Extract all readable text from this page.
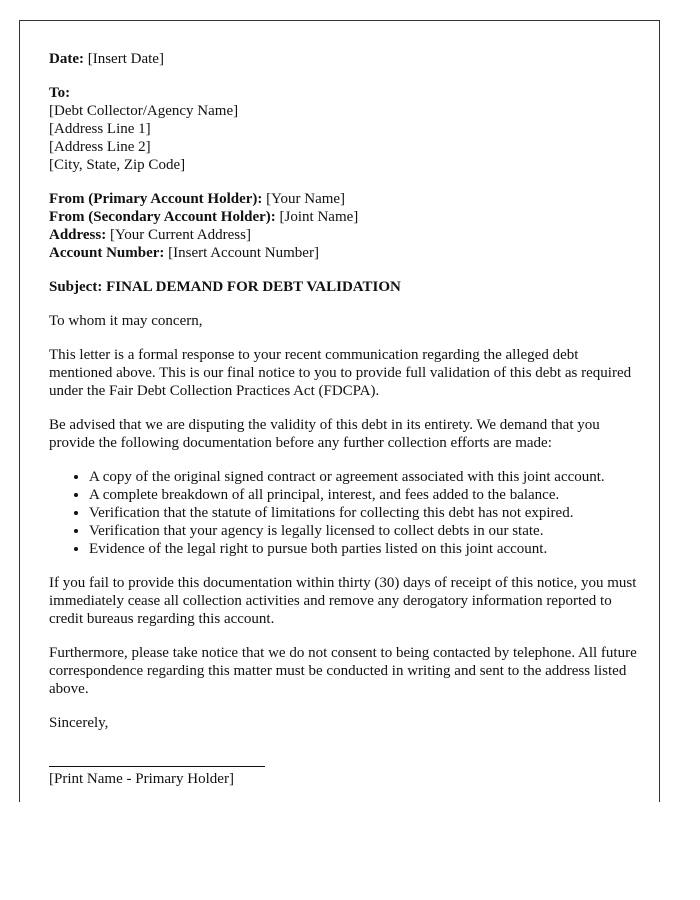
Date: [Insert Date]

To:
[Debt Collector/Agency Name]
[Address Line 1]
[Address Line 2]
[City, State, Zip Code]

From (Primary Account Holder): [Your Name]
From (Secondary Account Holder): [Joint Name]
Address: [Your Current Address]
Account Number: [Insert Account Number]

Subject: FINAL DEMAND FOR DEBT VALIDATION

To whom it may concern,

This letter is a formal response to your recent communication regarding the alleged debt mentioned above. This is our final notice to you to provide full validation of this debt as required under the Fair Debt Collection Practices Act (FDCPA).

Be advised that we are disputing the validity of this debt in its entirety. We demand that you provide the following documentation before any further collection efforts are made:

• A copy of the original signed contract or agreement associated with this joint account.
• A complete breakdown of all principal, interest, and fees added to the balance.
• Verification that the statute of limitations for collecting this debt has not expired.
• Verification that your agency is legally licensed to collect debts in our state.
• Evidence of the legal right to pursue both parties listed on this joint account.

If you fail to provide this documentation within thirty (30) days of receipt of this notice, you must immediately cease all collection activities and remove any derogatory information reported to credit bureaus regarding this account.

Furthermore, please take notice that we do not consent to being contacted by telephone. All future correspondence regarding this matter must be conducted in writing and sent to the address listed above.

Sincerely,

[Print Name - Primary Holder]
